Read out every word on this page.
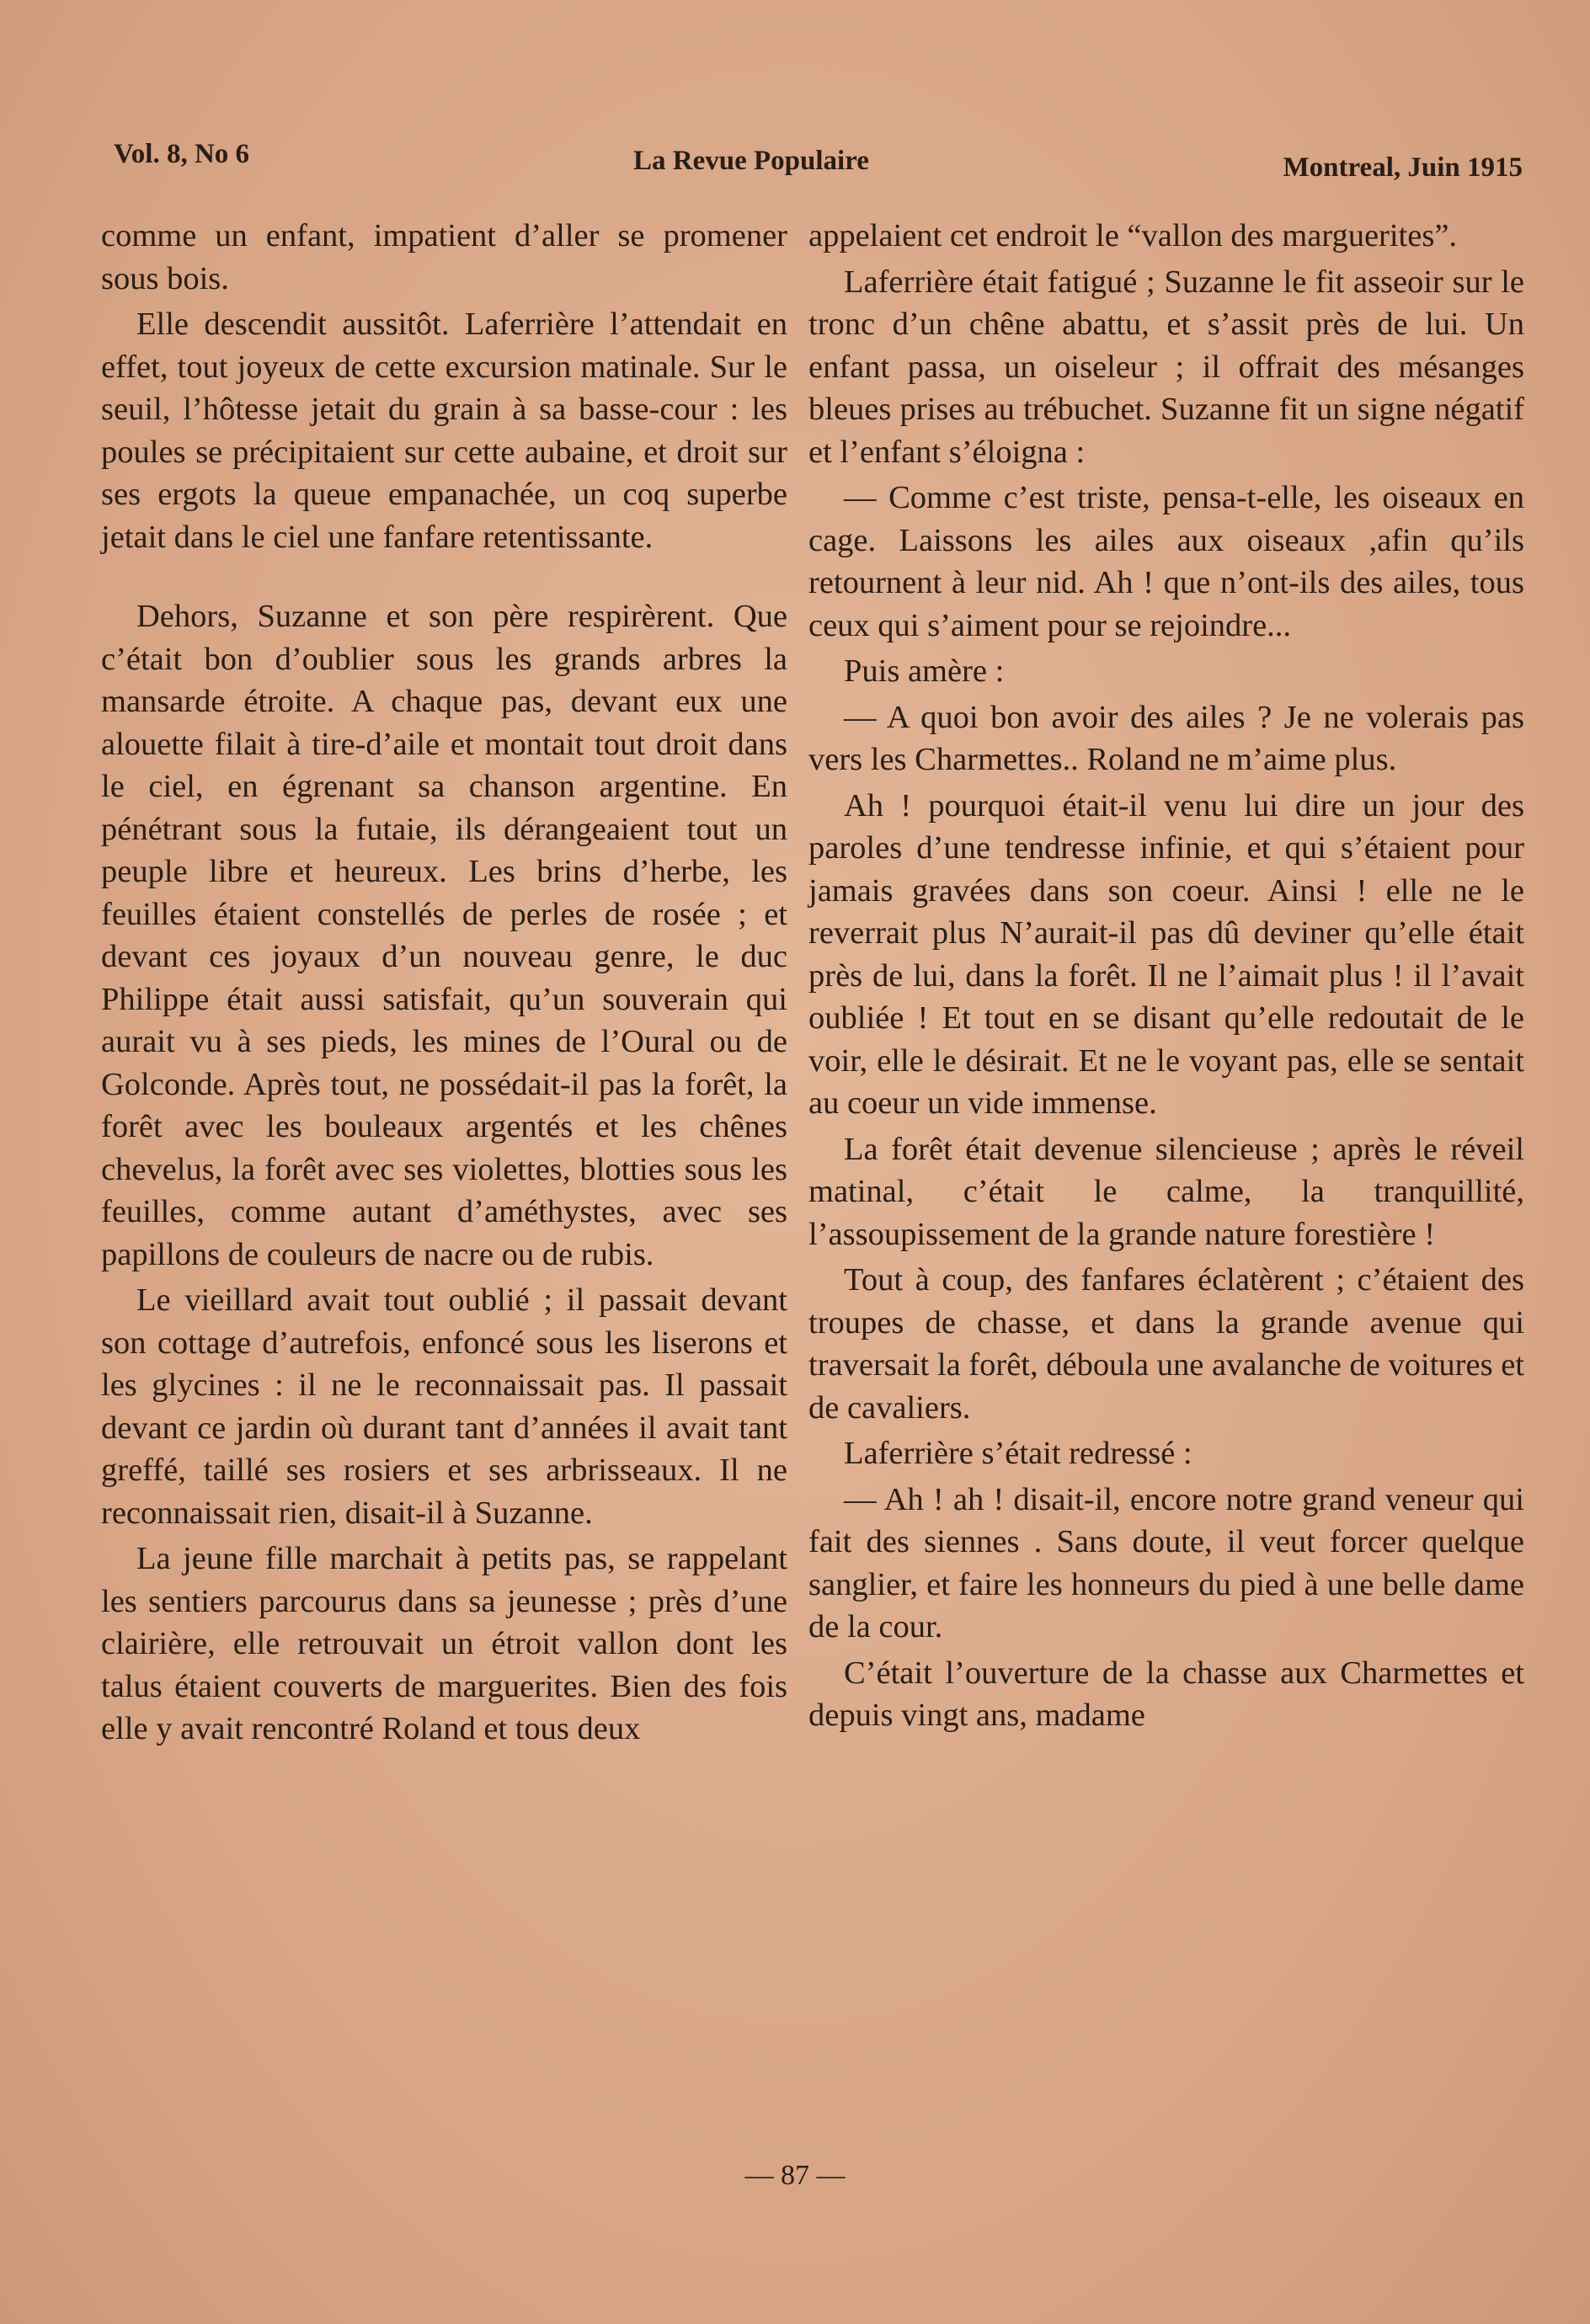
Vol. 8, No 6	La Revue Populaire	Montreal, Juin 1915

comme un enfant, impatient d’aller se promener sous bois.

Elle descendit aussitôt. Laferrière l’attendait en effet, tout joyeux de cette excursion matinale. Sur le seuil, l’hôtesse jetait du grain à sa basse-cour : les poules se précipitaient sur cette aubaine, et droit sur ses ergots la queue empanachée, un coq superbe jetait dans le ciel une fanfare retentissante.

Dehors, Suzanne et son père respirèrent. Que c’était bon d’oublier sous les grands arbres la mansarde étroite. A chaque pas, devant eux une alouette filait à tire-d’aile et montait tout droit dans le ciel, en égrenant sa chanson argentine. En pénétrant sous la futaie, ils dérangeaient tout un peuple libre et heureux. Les brins d’herbe, les feuilles étaient constellés de perles de rosée ; et devant ces joyaux d’un nouveau genre, le duc Philippe était aussi satisfait, qu’un souverain qui aurait vu à ses pieds, les mines de l’Oural ou de Golconde. Après tout, ne possédait-il pas la forêt, la forêt avec les bouleaux argentés et les chênes chevelus, la forêt avec ses violettes, blotties sous les feuilles, comme autant d’améthystes, avec ses papillons de couleurs de nacre ou de rubis.

Le vieillard avait tout oublié ; il passait devant son cottage d’autrefois, enfoncé sous les liserons et les glycines : il ne le reconnaissait pas. Il passait devant ce jardin où durant tant d’années il avait tant greffé, taillé ses rosiers et ses arbrisseaux. Il ne reconnaissait rien, disait-il à Suzanne.

La jeune fille marchait à petits pas, se rappelant les sentiers parcourus dans sa jeunesse ; près d’une clairière, elle retrouvait un étroit vallon dont les talus étaient couverts de marguerites. Bien des fois elle y avait rencontré Roland et tous deux

appelaient cet endroit le “vallon des marguerites”.

Laferrière était fatigué ; Suzanne le fit asseoir sur le tronc d’un chêne abattu, et s’assit près de lui. Un enfant passa, un oiseleur ; il offrait des mésanges bleues prises au trébuchet. Suzanne fit un signe négatif et l’enfant s’éloigna :

— Comme c’est triste, pensa-t-elle, les oiseaux en cage. Laissons les ailes aux oiseaux ,afin qu’ils retournent à leur nid. Ah ! que n’ont-ils des ailes, tous ceux qui s’aiment pour se rejoindre...

Puis amère :

— A quoi bon avoir des ailes ? Je ne volerais pas vers les Charmettes.. Roland ne m’aime plus.

Ah ! pourquoi était-il venu lui dire un jour des paroles d’une tendresse infinie, et qui s’étaient pour jamais gravées dans son coeur. Ainsi ! elle ne le reverrait plus N’aurait-il pas dû deviner qu’elle était près de lui, dans la forêt. Il ne l’aimait plus ! il l’avait oubliée ! Et tout en se disant qu’elle redoutait de le voir, elle le désirait. Et ne le voyant pas, elle se sentait au coeur un vide immense.

La forêt était devenue silencieuse ; après le réveil matinal, c’était le calme, la tranquillité, l’assoupissement de la grande nature forestière !

Tout à coup, des fanfares éclatèrent ; c’étaient des troupes de chasse, et dans la grande avenue qui traversait la forêt, déboula une avalanche de voitures et de cavaliers.

Laferrière s’était redressé :

— Ah ! ah ! disait-il, encore notre grand veneur qui fait des siennes . Sans doute, il veut forcer quelque sanglier, et faire les honneurs du pied à une belle dame de la cour.

C’était l’ouverture de la chasse aux Charmettes et depuis vingt ans, madame

— 87 —
